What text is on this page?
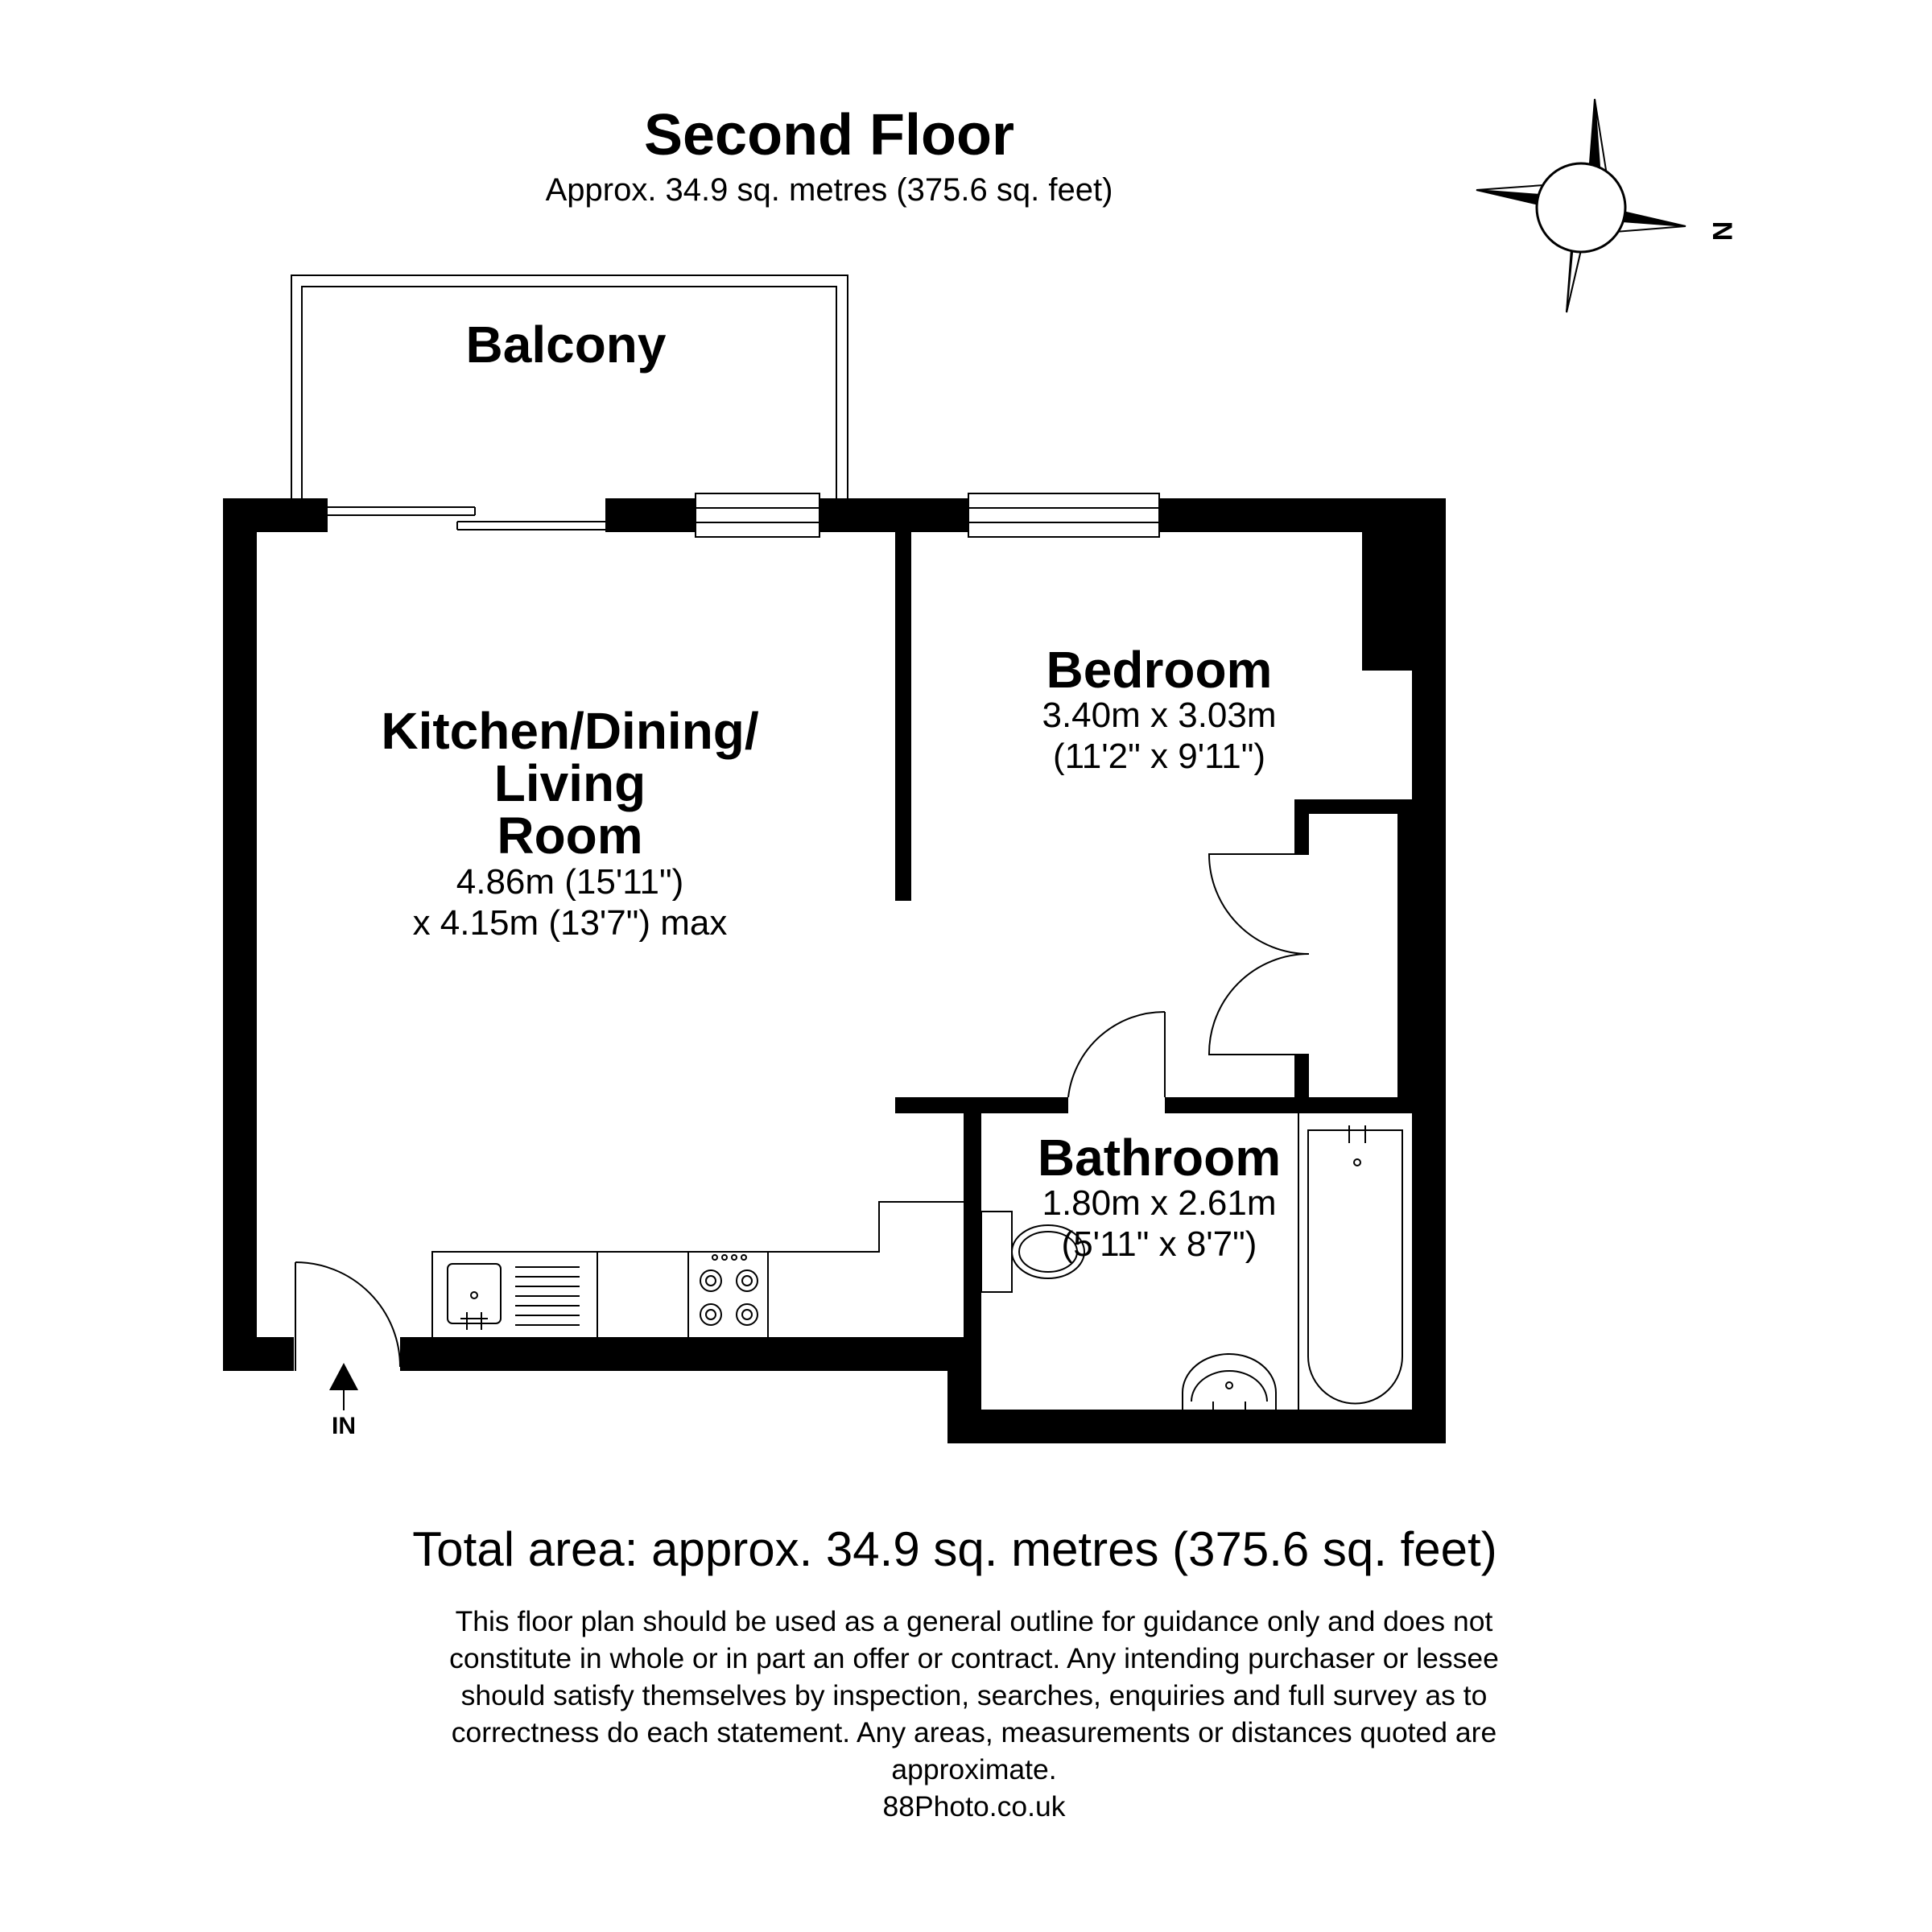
Second Floor
Approx. 34.9 sq. metres (375.6 sq. feet)
N
Balcony
Kitchen/Dining/
Living
Room
4.86m (15'11")
x 4.15m (13'7") max
Bedroom
3.40m x 3.03m
(11'2" x 9'11")
Bathroom
1.80m x 2.61m
(5'11" x 8'7")
IN
Total area: approx. 34.9 sq. metres (375.6 sq. feet)
This floor plan should be used as a general outline for guidance only and does not
constitute in whole or in part an offer or contract. Any intending purchaser or lessee
should satisfy themselves by inspection, searches, enquiries and full survey as to
correctness do each statement. Any areas, measurements or distances quoted are
approximate.
88Photo.co.uk
